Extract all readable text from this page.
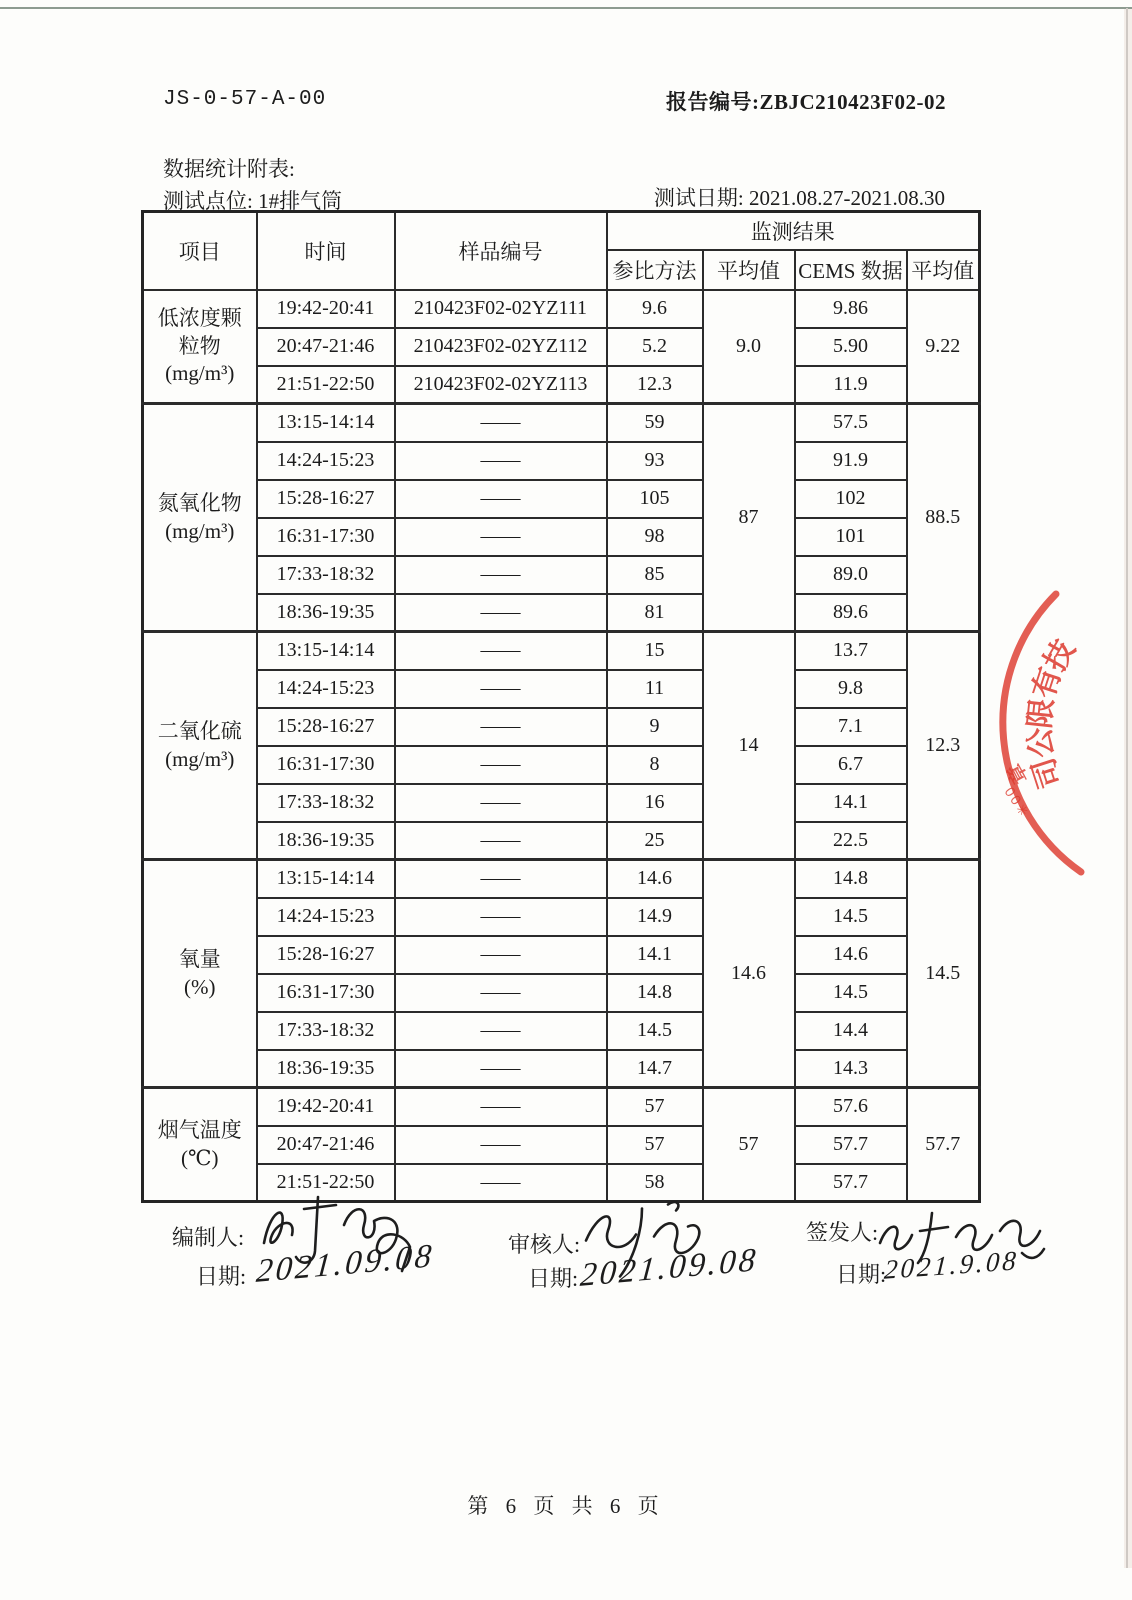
JS-0-57-A-00	报告编号:ZBJC210423F02-02
数据统计附表:
测试点位: 1#排气筒	测试日期: 2021.08.27-2021.08.30
项目	时间	样品编号	监测结果			
			参比方法	平均值	CEMS 数据	平均值
低浓度颗
粒物
(mg/m³)	19:42-20:41	210423F02-02YZ111	9.6	9.0	9.86	9.22
	20:47-21:46	210423F02-02YZ112	5.2		5.90	
	21:51-22:50	210423F02-02YZ113	12.3		11.9	
氮氧化物
(mg/m³)	13:15-14:14	——	59	87	57.5	88.5
	14:24-15:23	——	93		91.9	
	15:28-16:27	——	105		102	
	16:31-17:30	——	98		101	
	17:33-18:32	——	85		89.0	
	18:36-19:35	——	81		89.6	
二氧化硫
(mg/m³)	13:15-14:14	——	15	14	13.7	12.3
	14:24-15:23	——	11		9.8	
	15:28-16:27	——	9		7.1	
	16:31-17:30	——	8		6.7	
	17:33-18:32	——	16		14.1	
	18:36-19:35	——	25		22.5	
氧量
(%)	13:15-14:14	——	14.6	14.6	14.8	14.5
	14:24-15:23	——	14.9		14.5	
	15:28-16:27	——	14.1		14.6	
	16:31-17:30	——	14.8		14.5	
	17:33-18:32	——	14.5		14.4	
	18:36-19:35	——	14.7		14.3	
烟气温度
(℃)	19:42-20:41	——	57	57	57.6	57.7
	20:47-21:46	——	57		57.7	
	21:51-22:50	——	58		57.7	
编制人:
日期: 2021.09.08	审核人:
日期: 2021.09.08
签发人:
日期:
2021.9.08
技
有
限
公
司
章
✳00
第 6 页 共 6 页
